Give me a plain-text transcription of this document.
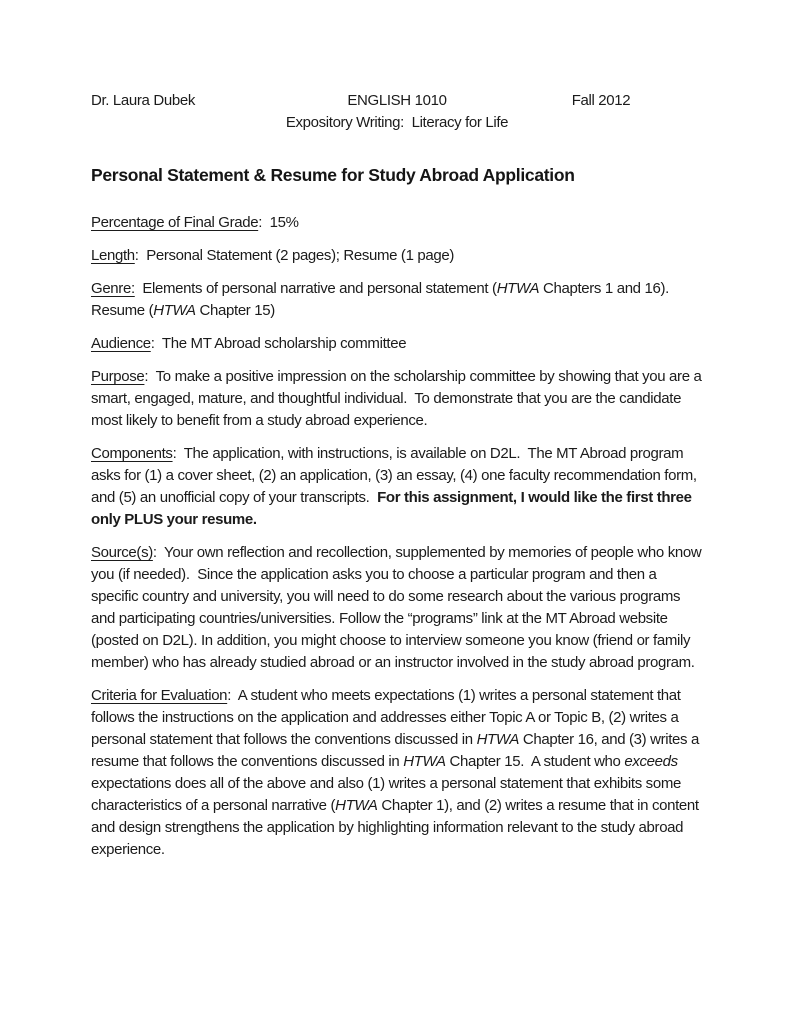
Dr. Laura Dubek	ENGLISH 1010	Fall 2012
Expository Writing:  Literacy for Life
Personal Statement & Resume for Study Abroad Application

Percentage of Final Grade:  15%

Length:  Personal Statement (2 pages); Resume (1 page)

Genre:  Elements of personal narrative and personal statement (HTWA Chapters 1 and 16). Resume (HTWA Chapter 15)

Audience:  The MT Abroad scholarship committee

Purpose:  To make a positive impression on the scholarship committee by showing that you are a smart, engaged, mature, and thoughtful individual.  To demonstrate that you are the candidate most likely to benefit from a study abroad experience.

Components:  The application, with instructions, is available on D2L.  The MT Abroad program asks for (1) a cover sheet, (2) an application, (3) an essay, (4) one faculty recommendation form, and (5) an unofficial copy of your transcripts.  For this assignment, I would like the first three only PLUS your resume.

Source(s):  Your own reflection and recollection, supplemented by memories of people who know you (if needed).  Since the application asks you to choose a particular program and then a specific country and university, you will need to do some research about the various programs and participating countries/universities. Follow the “programs” link at the MT Abroad website (posted on D2L). In addition, you might choose to interview someone you know (friend or family member) who has already studied abroad or an instructor involved in the study abroad program.

Criteria for Evaluation:  A student who meets expectations (1) writes a personal statement that follows the instructions on the application and addresses either Topic A or Topic B, (2) writes a personal statement that follows the conventions discussed in HTWA Chapter 16, and (3) writes a resume that follows the conventions discussed in HTWA Chapter 15.  A student who exceeds expectations does all of the above and also (1) writes a personal statement that exhibits some characteristics of a personal narrative (HTWA Chapter 1), and (2) writes a resume that in content and design strengthens the application by highlighting information relevant to the study abroad experience.
